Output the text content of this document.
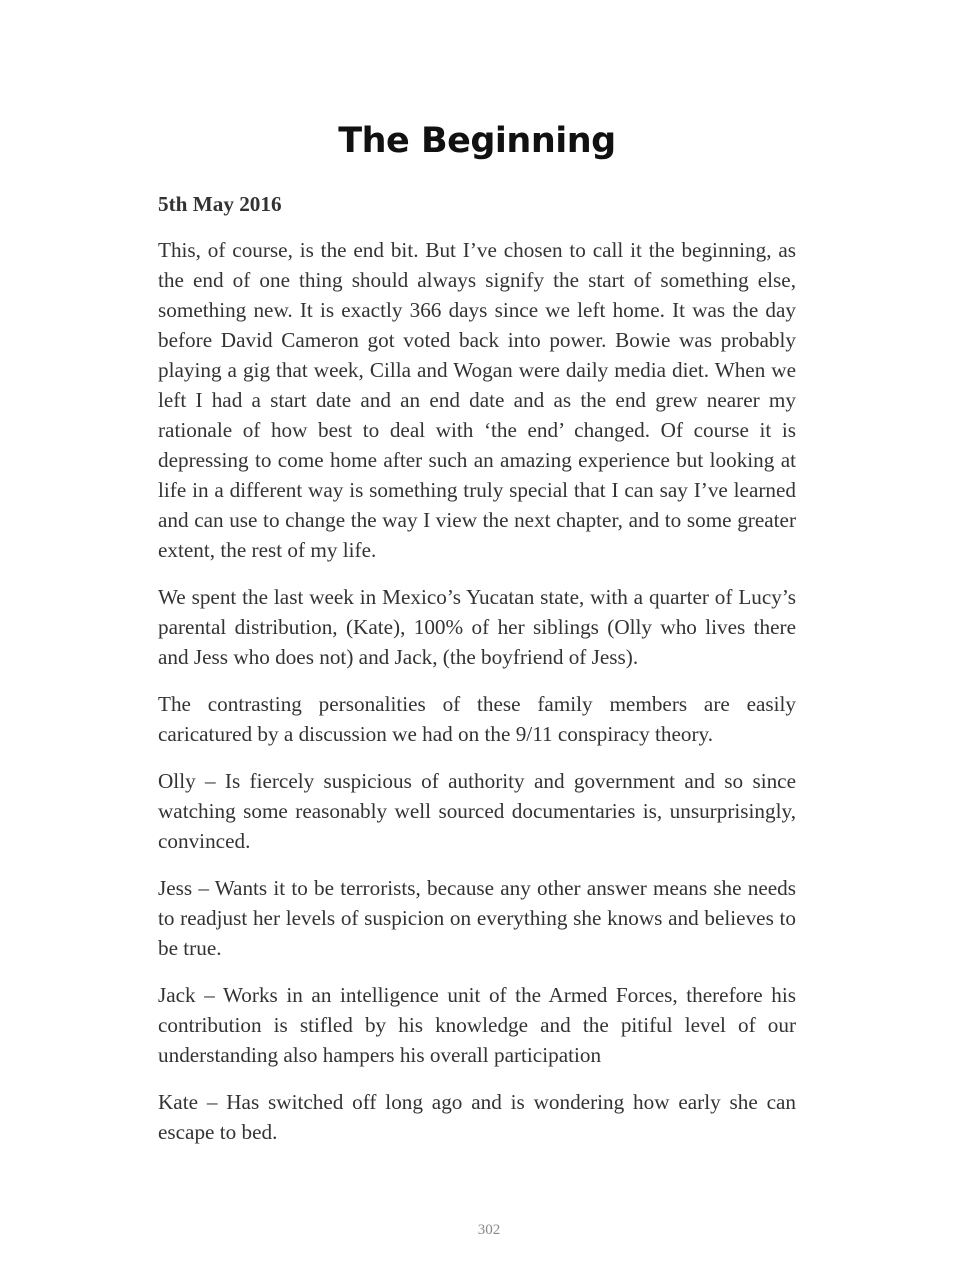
The Beginning

5th May 2016

This, of course, is the end bit. But I’ve chosen to call it the beginning, as the end of one thing should always signify the start of something else, something new. It is exactly 366 days since we left home. It was the day before David Cameron got voted back into power. Bowie was probably playing a gig that week, Cilla and Wogan were daily media diet. When we left I had a start date and an end date and as the end grew nearer my rationale of how best to deal with ‘the end’ changed. Of course it is depressing to come home after such an amazing experience but looking at life in a different way is something truly special that I can say I’ve learned and can use to change the way I view the next chapter, and to some greater extent, the rest of my life.

We spent the last week in Mexico’s Yucatan state, with a quarter of Lucy’s parental distribution, (Kate), 100% of her siblings (Olly who lives there and Jess who does not) and Jack, (the boyfriend of Jess).

The contrasting personalities of these family members are easily caricatured by a discussion we had on the 9/11 conspiracy theory.

Olly – Is fiercely suspicious of authority and government and so since watching some reasonably well sourced documentaries is, unsurprisingly, convinced.

Jess – Wants it to be terrorists, because any other answer means she needs to readjust her levels of suspicion on everything she knows and believes to be true.

Jack – Works in an intelligence unit of the Armed Forces, therefore his contribution is stifled by his knowledge and the pitiful level of our understanding also hampers his overall participation

Kate – Has switched off long ago and is wondering how early she can escape to bed.

302
